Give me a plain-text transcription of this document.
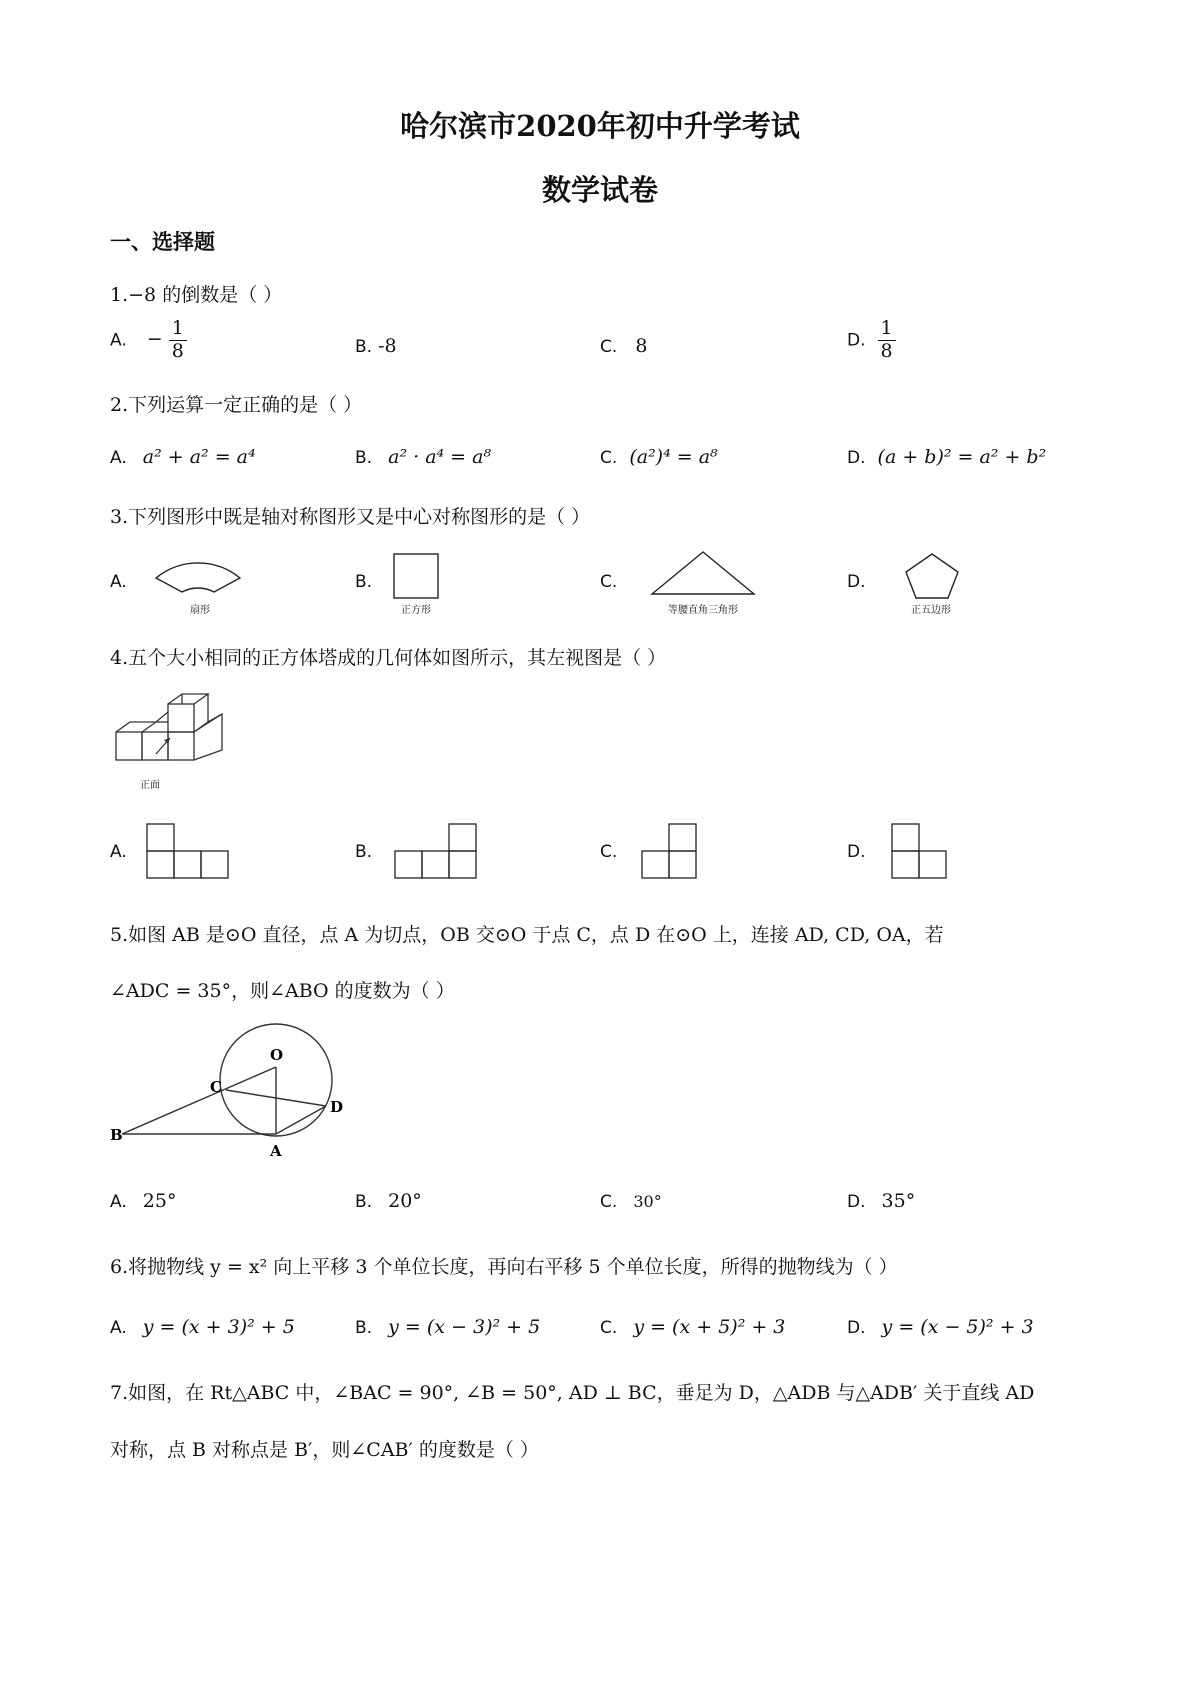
哈尔滨市2020年初中升学考试
数学试卷
一、选择题
1.−8 的倒数是（ ）
A. − $\frac{1}{8}$	B. -8	C. 8	D. $\frac{1}{8}$
2.下列运算一定正确的是（ ）
A. a² + a² = a⁴	B. a² · a⁴ = a⁸	C. (a²)⁴ = a⁸	D. (a + b)² = a² + b²
3.下列图形中既是轴对称图形又是中心对称图形的是（ ）
A.	B.	C.	D.
扇形	正方形	等腰直角三角形	正五边形
4.五个大小相同的正方体塔成的几何体如图所示，其左视图是（ ）
正面
A.	B.	C.	D.
5.如图 AB 是⊙O 直径，点 A 为切点，OB 交⊙O 于点 C，点 D 在⊙O 上，连接 AD, CD, OA，若
∠ADC = 35°，则∠ABO 的度数为（ ）
O
C
D
B
A
A. 25°	B. 20°	C. 30°	D. 35°
6.将抛物线 y = x² 向上平移 3 个单位长度，再向右平移 5 个单位长度，所得的抛物线为（ ）
A. y = (x + 3)² + 5	B. y = (x − 3)² + 5	C. y = (x + 5)² + 3	D. y = (x − 5)² + 3
7.如图，在 Rt△ABC 中，∠BAC = 90°, ∠B = 50°, AD ⊥ BC，垂足为 D，△ADB 与△ADB′ 关于直线 AD
对称，点 B 对称点是 B′，则∠CAB′ 的度数是（ ）
